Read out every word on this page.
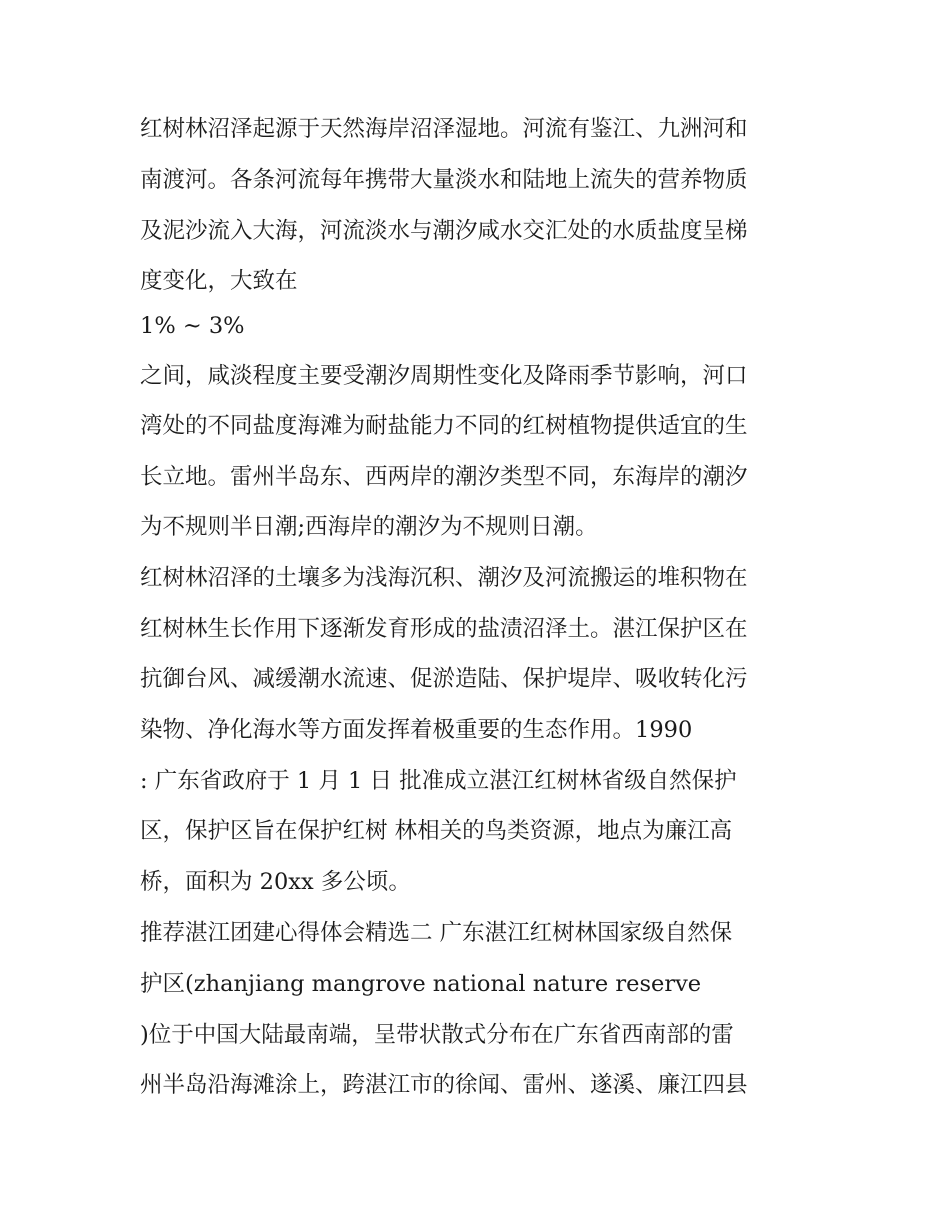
红树林沼泽起源于天然海岸沼泽湿地。河流有鉴江、九洲河和
南渡河。各条河流每年携带大量淡水和陆地上流失的营养物质
及泥沙流入大海，河流淡水与潮汐咸水交汇处的水质盐度呈梯
度变化，大致在
1% ~ 3%
之间，咸淡程度主要受潮汐周期性变化及降雨季节影响，河口
湾处的不同盐度海滩为耐盐能力不同的红树植物提供适宜的生
长立地。雷州半岛东、西两岸的潮汐类型不同，东海岸的潮汐
为不规则半日潮;西海岸的潮汐为不规则日潮。
红树林沼泽的土壤多为浅海沉积、潮汐及河流搬运的堆积物在
红树林生长作用下逐渐发育形成的盐渍沼泽土。湛江保护区在
抗御台风、减缓潮水流速、促淤造陆、保护堤岸、吸收转化污
染物、净化海水等方面发挥着极重要的生态作用。1990
: 广东省政府于 1 月 1 日 批准成立湛江红树林省级自然保护
区，保护区旨在保护红树 林相关的鸟类资源，地点为廉江高
桥，面积为 20xx 多公顷。
推荐湛江团建心得体会精选二 广东湛江红树林国家级自然保
护区(zhanjiang mangrove national nature reserve
)位于中国大陆最南端，呈带状散式分布在广东省西南部的雷
州半岛沿海滩涂上，跨湛江市的徐闻、雷州、遂溪、廉江四县
